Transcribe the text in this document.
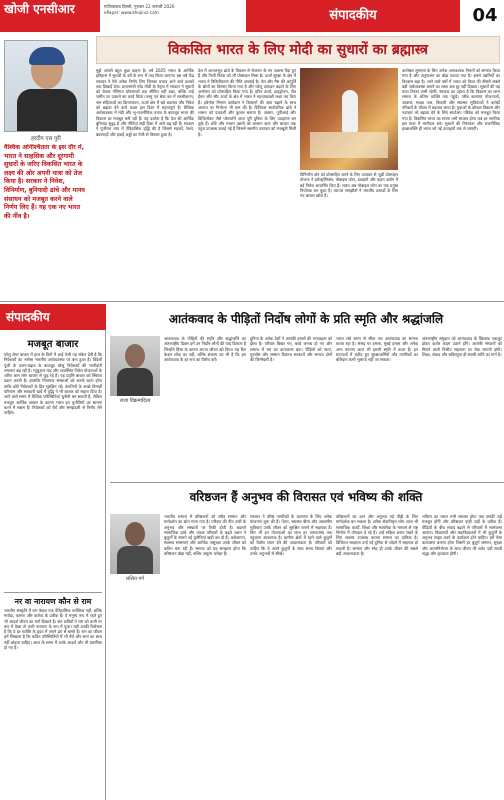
खोजी एनसीआर	गाजियाबाद दिल्ली, गुरुवार 22 जनवरी 2026
ePaper: www.khojincr.com	संपादकीय	04
विकसित भारत के लिए मोदी का सुधारों का ब्रह्मास्त्र
हरदीप एस पुरी
वैश्विक अनिश्चितता के इस दौर में, भारत ने साहसिक और दूरगामी सुधारों के जरिए विकसित भारत के लक्ष्य की ओर अपनी यात्रा को तेज किया है। सरकार ने निवेश, विनिर्माण, बुनियादी ढांचे और मानव संसाधन को मजबूत करने वाले निर्णय लिए हैं। यह एक नए भारत की नींव है।
मुझे आपसे बहुत कुछ कहना है। वर्ष 2025 भारत के आर्थिक इतिहास में सुधारों के वर्ष के रूप में याद किया जाएगा। इस वर्ष केंद्र सरकार ने ऐसे अनेक निर्णय लिए जिनका प्रभाव आने वाले दशकों तक दिखाई देगा। प्रधानमंत्री नरेंद्र मोदी के नेतृत्व में सरकार ने सुधारों को केवल नीतिगत घोषणाओं तक सीमित नहीं रखा, बल्कि उन्हें जमीन पर उतारने का कार्य किया। वस्तु एवं सेवा कर में सरलीकरण, श्रम संहिताओं का क्रियान्वयन, ऊर्जा क्षेत्र में बड़े बदलाव और निवेश को बढ़ावा देने वाले कदम इस दिशा में महत्वपूर्ण हैं। वैश्विक अर्थव्यवस्था में मंदी और भू-राजनीतिक तनाव के बावजूद भारत की विकास दर मजबूत बनी रही है। यह दर्शाता है कि देश की आर्थिक बुनियाद सुदृढ़ है और नीतियां सही दिशा में आगे बढ़ रही हैं। सरकार ने पूंजीगत व्यय में ऐतिहासिक वृद्धि की है जिससे सड़कों, रेलवे, बंदरगाहों और हवाई अड्डों का तेजी से विस्तार हुआ है।
देश में आधारभूत ढांचे के विकास से रोजगार के नए अवसर पैदा हुए हैं और निजी निवेश को भी प्रोत्साहन मिला है। ऊर्जा सुरक्षा के क्षेत्र में भारत ने विविधीकरण की नीति अपनाई है। तेल और गैस की आपूर्ति के स्रोतों का विस्तार किया गया है और घरेलू उत्पादन बढ़ाने के लिए अन्वेषण को प्रोत्साहित किया गया है। हरित ऊर्जा, हाइड्रोजन, जैव ईंधन और सौर ऊर्जा के क्षेत्र में भारत ने महत्वाकांक्षी लक्ष्य तय किए हैं। इथेनॉल मिश्रण कार्यक्रम ने किसानों की आय बढ़ाने के साथ आयात पर निर्भरता भी कम की है। डिजिटल सार्वजनिक ढांचे ने शासन को पारदर्शी और कुशल बनाया है। आधार, यूपीआई और डिजिलॉकर जैसे प्लेटफॉर्म आज पूरी दुनिया के लिए उदाहरण बन चुके हैं। छोटे और मध्यम उद्यमों को आसान ऋण और बाजार तक पहुंच उपलब्ध कराई गई है जिससे स्थानीय उत्पादन को मजबूती मिली है।
विनिर्माण क्षेत्र को प्रोत्साहित करने के लिए उत्पादन से जुड़ी प्रोत्साहन योजना ने इलेक्ट्रॉनिक्स, मोबाइल फोन, दवाइयों और वाहन उद्योग में बड़े निवेश आकर्षित किए हैं। भारत अब मोबाइल फोन का एक प्रमुख निर्यातक बन चुका है। व्यापार समझौतों ने भारतीय उत्पादों के लिए नए बाजार खोले हैं।
कारोबार सुगमता के लिए अनेक अनावश्यक नियमों को समाप्त किया गया है और अनुपालन का बोझ घटाया गया है। इससे उद्यमियों का विश्वास बढ़ा है। आने वाले वर्षों में भारत को विश्व की तीसरी सबसे बड़ी अर्थव्यवस्था बनाने का लक्ष्य अब दूर नहीं दिखता। सुधारों की यह यात्रा निरंतर जारी रहेगी। सरकार का उद्देश्य है कि विकास का लाभ समाज के अंतिम व्यक्ति तक पहुंचे। गरीब कल्याण योजनाओं, आवास, स्वच्छ जल, बिजली और स्वास्थ्य सुविधाओं ने करोड़ों परिवारों के जीवन में बदलाव लाया है। युवाओं के कौशल विकास और नवाचार को बढ़ावा देने के लिए स्टार्टअप परिवेश को मजबूत किया गया है। विकसित भारत का सपना तभी साकार होगा जब हर नागरिक इस यात्रा में भागीदार बने। सुधारों की निरंतरता और राजनीतिक इच्छाशक्ति ही भारत को नई ऊंचाइयों तक ले जाएगी।
संपादकीय
मजबूत बाजार
घरेलू शेयर बाजार में हाल के दिनों में आई तेजी यह संकेत देती है कि निवेशकों का भरोसा भारतीय अर्थव्यवस्था पर बना हुआ है। विदेशी पूंजी के उतार-चढ़ाव के बावजूद घरेलू निवेशकों की भागीदारी लगातार बढ़ रही है। म्यूचुअल फंड और व्यवस्थित निवेश योजनाओं के जरिए आम लोग बाजार से जुड़ रहे हैं। यह प्रवृत्ति बाजार को स्थिरता प्रदान करती है। हालांकि नियामक संस्थाओं को सतर्क रहना होगा ताकि छोटे निवेशकों के हित सुरक्षित रहें। कंपनियों के अच्छे तिमाही परिणाम और सरकारी खर्च में वृद्धि ने भी बाजार को सहारा दिया है। आने वाले समय में वैश्विक परिस्थितियां चुनौती बन सकती हैं, लेकिन मजबूत आर्थिक आधार के कारण भारत इन चुनौतियों का सामना करने में सक्षम है। निवेशकों को धैर्य और समझदारी से निर्णय लेने चाहिए।
नर वा नारायण कौन से राम
भारतीय संस्कृति में राम केवल एक ऐतिहासिक व्यक्तित्व नहीं, बल्कि मर्यादा, करुणा और कर्तव्य के प्रतीक हैं। वे मनुष्य रूप में रहते हुए भी आदर्श जीवन का मार्ग दिखाते हैं। संत कवियों ने राम को कभी नर रूप में देखा तो कभी नारायण के रूप में पूजा। यही उनकी विशेषता है कि वे हर व्यक्ति के हृदय में अपने ढंग से बसते हैं। राम का जीवन हमें सिखाता है कि कठिन परिस्थितियों में भी धैर्य और सत्य का साथ नहीं छोड़ना चाहिए। आज के समय में उनके आदर्श और भी प्रासंगिक हो गए हैं।
आतंकवाद के पीड़ितों निर्दोष लोगों के प्रति स्मृति और श्रद्धांजलि
राजा विक्रमादित्य
आतंकवाद के पीड़ितों की स्मृति और श्रद्धांजलि का अंतरराष्ट्रीय दिवस हमें उन निर्दोष लोगों की याद दिलाता है जिन्होंने हिंसा के कारण अपना जीवन खो दिया। यह दिन केवल शोक का नहीं, बल्कि संकल्प का भी है कि हम आतंकवाद के हर रूप का विरोध करें।
दुनिया के अनेक देशों ने आतंकी हमलों की भयावहता को झेला है। परिवार बिखर गए, बच्चे अनाथ हो गए और समाज में भय का वातावरण बना। पीड़ितों को न्याय, पुनर्वास और सम्मान दिलाना सरकारों और समाज दोनों की जिम्मेदारी है।
भारत लंबे समय से सीमा पार आतंकवाद का सामना करता रहा है। संसद पर हमला, मुंबई हमला और अनेक अन्य घटनाएं आज भी हमारी स्मृति में ताजा हैं। इन घटनाओं में शहीद हुए सुरक्षाकर्मियों और नागरिकों का बलिदान कभी भुलाया नहीं जा सकता।
अंतरराष्ट्रीय समुदाय को आतंकवाद के खिलाफ एकजुट होकर कठोर कदम उठाने होंगे। आतंकी संगठनों को मिलने वाली वित्तीय सहायता पर रोक लगानी होगी। शिक्षा, संवाद और सहिष्णुता ही स्थायी शांति का मार्ग है।
वरिष्ठजन हैं अनुभव की विरासत एवं भविष्य की शक्ति
ललित गर्ग
भारतीय समाज में वरिष्ठजनों को सदैव सम्मान और मार्गदर्शन का स्रोत माना गया है। परिवार की नींव उन्हीं के अनुभव और संस्कारों पर टिकी होती है। बदलते सामाजिक ढांचे और एकल परिवारों के बढ़ते चलन ने बुजुर्गों के सामने नई चुनौतियां खड़ी कर दी हैं। अकेलापन, स्वास्थ्य समस्याएं और आर्थिक असुरक्षा उनके जीवन को कठिन बना रही हैं। समाज को यह समझना होगा कि वरिष्ठजन बोझ नहीं, बल्कि अमूल्य धरोहर हैं।
सरकार ने वरिष्ठ नागरिकों के कल्याण के लिए अनेक योजनाएं शुरू की हैं। पेंशन, स्वास्थ्य बीमा और आवासीय सुविधाएं उनके जीवन को सुरक्षित बनाने में सहायक हैं। फिर भी इन योजनाओं का लाभ हर जरूरतमंद तक पहुंचाना आवश्यक है। ग्रामीण क्षेत्रों में रहने वाले बुजुर्गों को विशेष ध्यान देने की आवश्यकता है। परिवारों को चाहिए कि वे अपने बुजुर्गों के साथ समय बिताएं और उनके अनुभवों से सीखें।
वरिष्ठजनों का ज्ञान और अनुभव नई पीढ़ी के लिए मार्गदर्शक बन सकता है। अनेक सेवानिवृत्त लोग आज भी सामाजिक कार्यों, शिक्षा और स्वयंसेवा के माध्यम से राष्ट्र निर्माण में योगदान दे रहे हैं। उन्हें सक्रिय बनाए रखने के लिए अवसर उपलब्ध कराना समाज का दायित्व है। डिजिटल साक्षरता उन्हें नई दुनिया से जोड़ने में सहायक हो सकती है। सम्मान और स्नेह ही उनके जीवन की सबसे बड़ी आवश्यकता है।
भविष्य का भारत तभी सशक्त होगा जब उसकी जड़ें मजबूत होंगी और वरिष्ठजन इन्हीं जड़ों के प्रतीक हैं। पीढ़ियों के बीच संवाद बढ़ाने से परिवारों में सामंजस्य आएगा। विद्यालयों और महाविद्यालयों में भी बुजुर्गों के अनुभव साझा करने के कार्यक्रम होने चाहिए। हमें ऐसा वातावरण बनाना होगा जिसमें हर बुजुर्ग सम्मान, सुरक्षा और आत्मनिर्भरता के साथ जीवन जी सके। यही सच्ची श्रद्धा और कृतज्ञता होगी।
